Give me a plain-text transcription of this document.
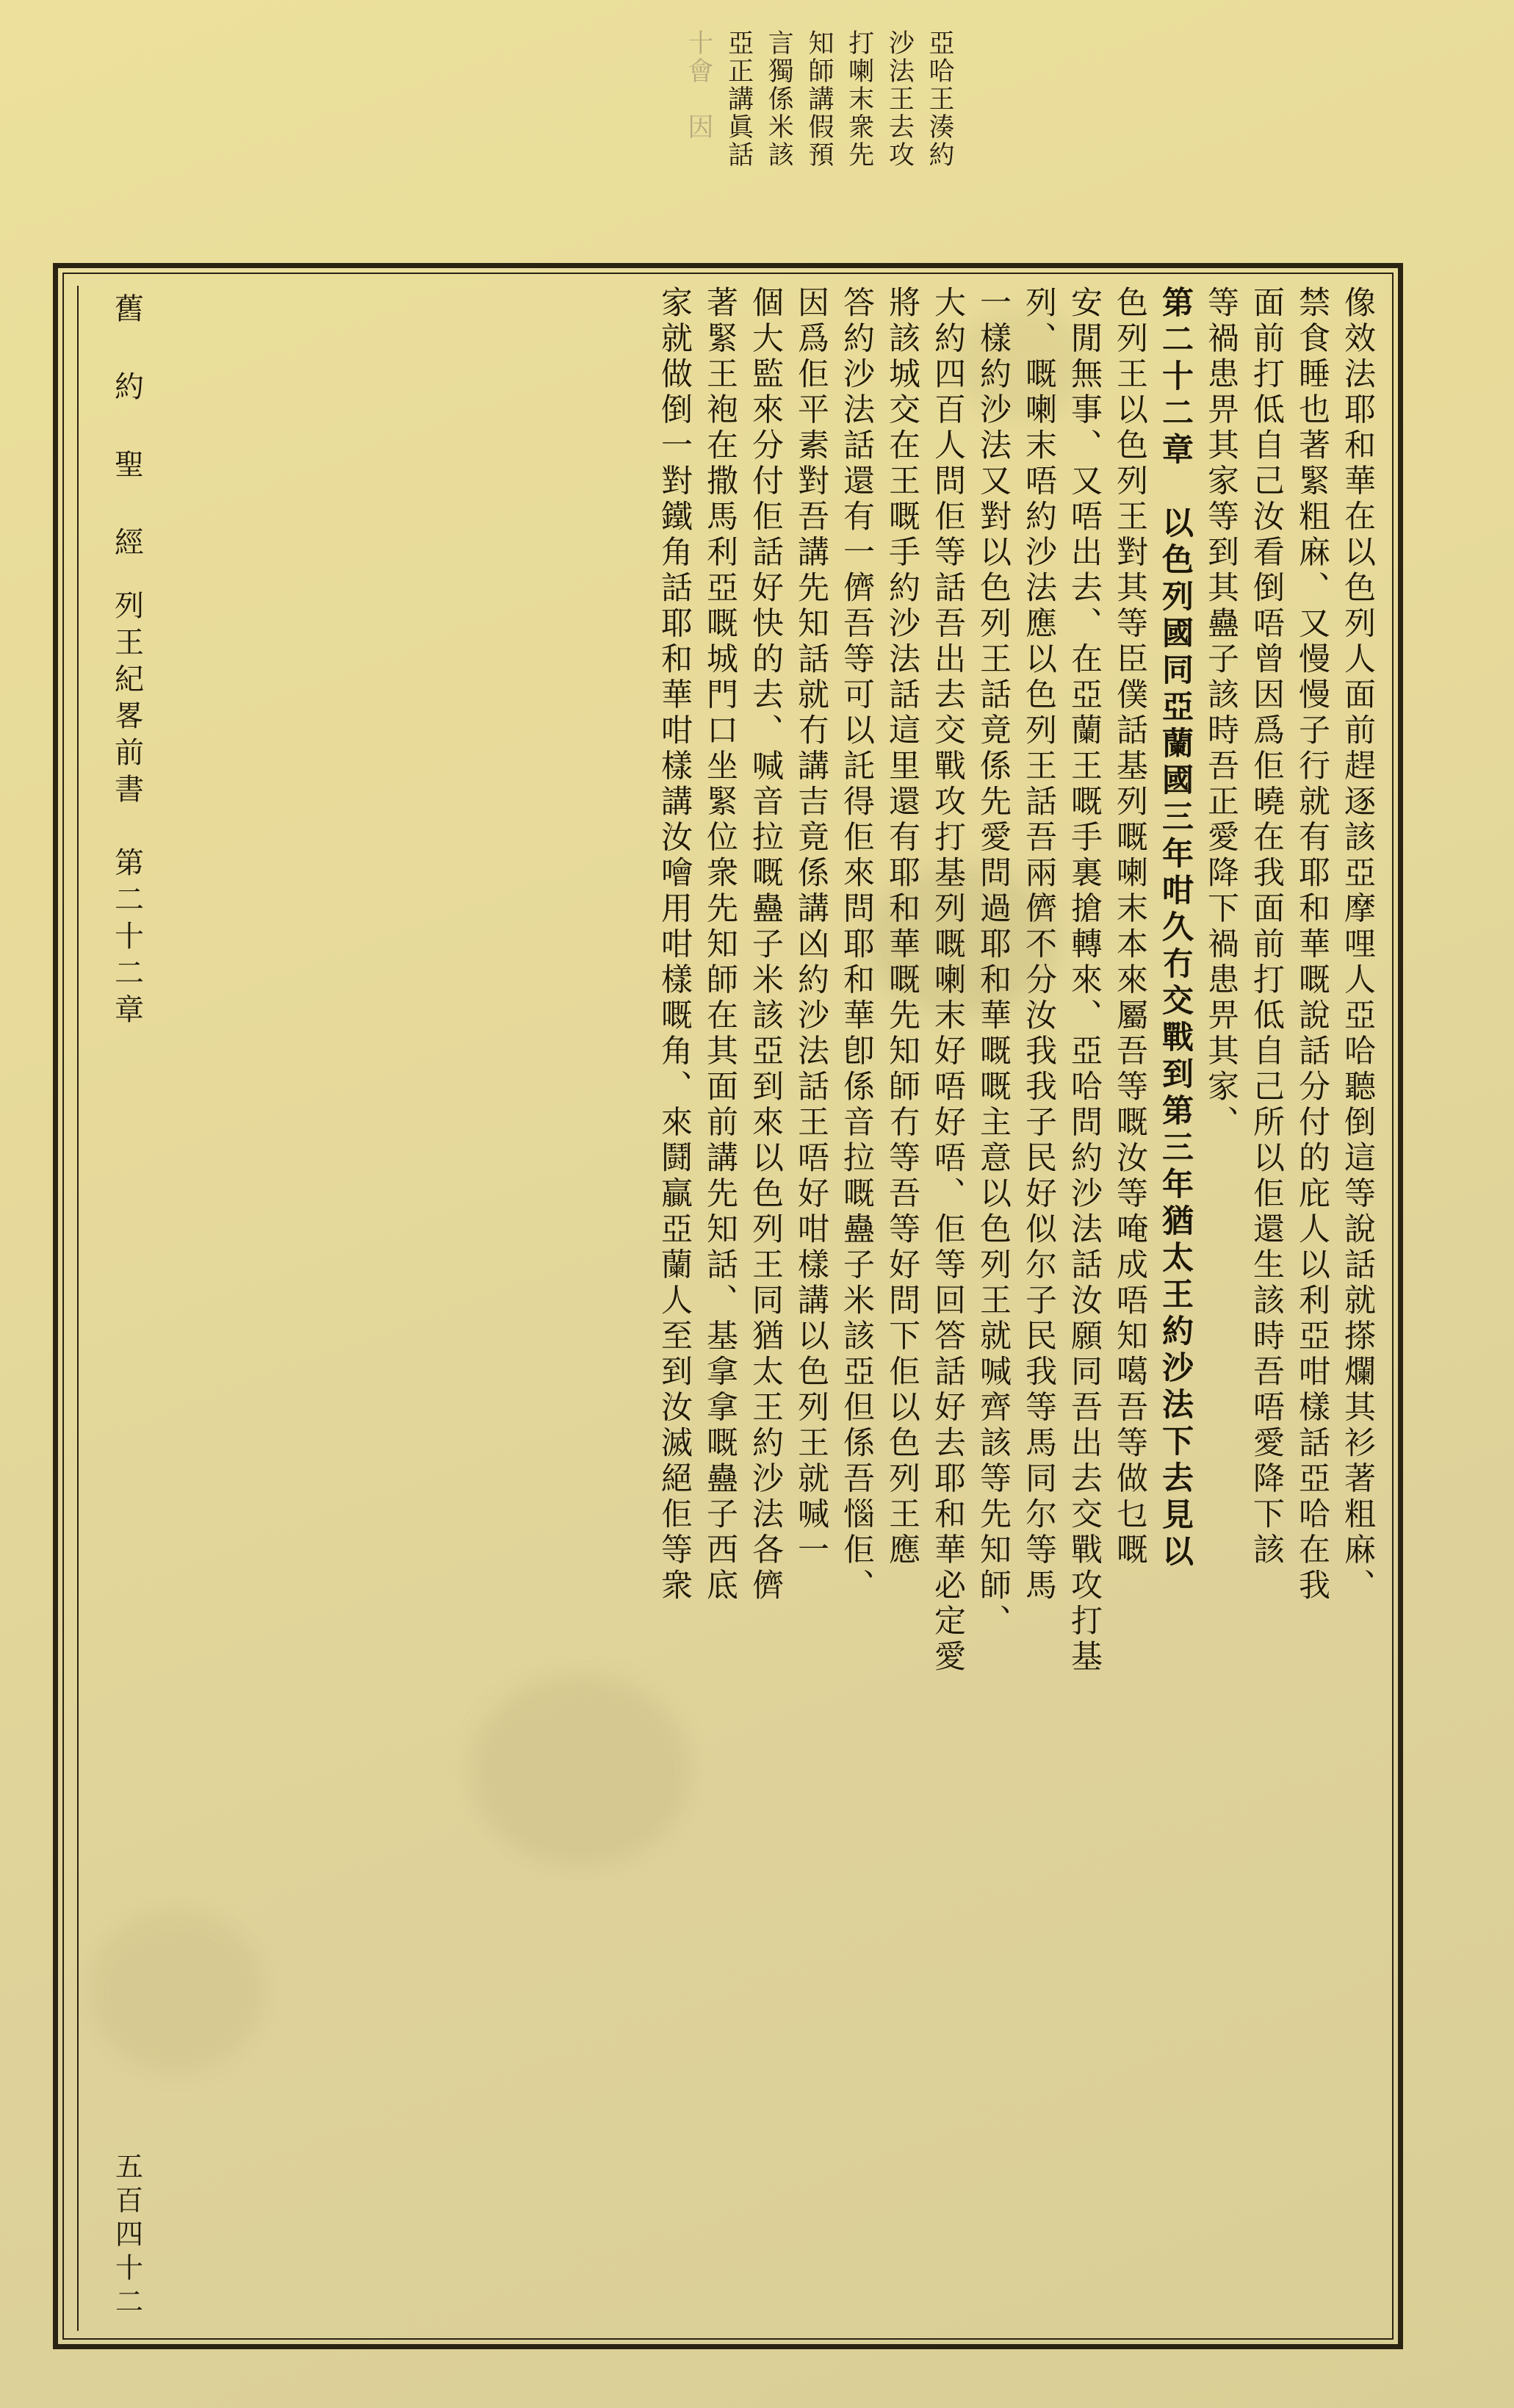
亞哈王湊約
沙法王去攻
打喇末衆先
知師講假預
言獨係米該
亞正講眞話
十會　因
舊 約 聖 經
列王紀畧前書　第二十二章
五百四十二
像效法耶和華在以色列人面前趕逐該亞摩哩人亞哈聽倒這等說話就搽爛其衫著粗麻、
禁食睡也著緊粗麻、又慢慢子行就有耶和華嘅說話分付的庇人以利亞咁樣話亞哈在我
面前打低自己汝看倒唔曾因爲佢曉在我面前打低自己所以佢還生該時吾唔愛降下該
等禍患畀其家等到其蠱子該時吾正愛降下禍患畀其家、
第二十二章　以色列國同亞蘭國三年咁久冇交戰到第三年猶太王約沙法下去見以
色列王以色列王對其等臣僕話基列嘅喇末本來屬吾等嘅汝等唵成唔知噶吾等做乜嘅
安閒無事、又唔出去、在亞蘭王嘅手裏搶轉來、亞哈問約沙法話汝願同吾出去交戰攻打基
列、嘅喇末唔約沙法應以色列王話吾兩儕不分汝我我子民好似尔子民我等馬同尔等馬
一樣約沙法又對以色列王話竟係先愛問過耶和華嘅嘅主意以色列王就喊齊該等先知師、
大約四百人問佢等話吾出去交戰攻打基列嘅喇末好唔好唔、佢等回答話好去耶和華必定愛
將該城交在王嘅手約沙法話這里還有耶和華嘅先知師冇等吾等好問下佢以色列王應
答約沙法話還有一儕吾等可以託得佢來問耶和華卽係音拉嘅蠱子米該亞但係吾惱佢、
因爲佢平素對吾講先知話就冇講吉竟係講凶約沙法話王唔好咁樣講以色列王就喊一
個大監來分付佢話好快的去、喊音拉嘅蠱子米該亞到來以色列王同猶太王約沙法各儕
著緊王袍在撒馬利亞嘅城門口坐緊位衆先知師在其面前講先知話、基拿拿嘅蠱子西底
家就做倒一對鐵角話耶和華咁樣講汝噲用咁樣嘅角、來鬪贏亞蘭人至到汝滅絕佢等衆
